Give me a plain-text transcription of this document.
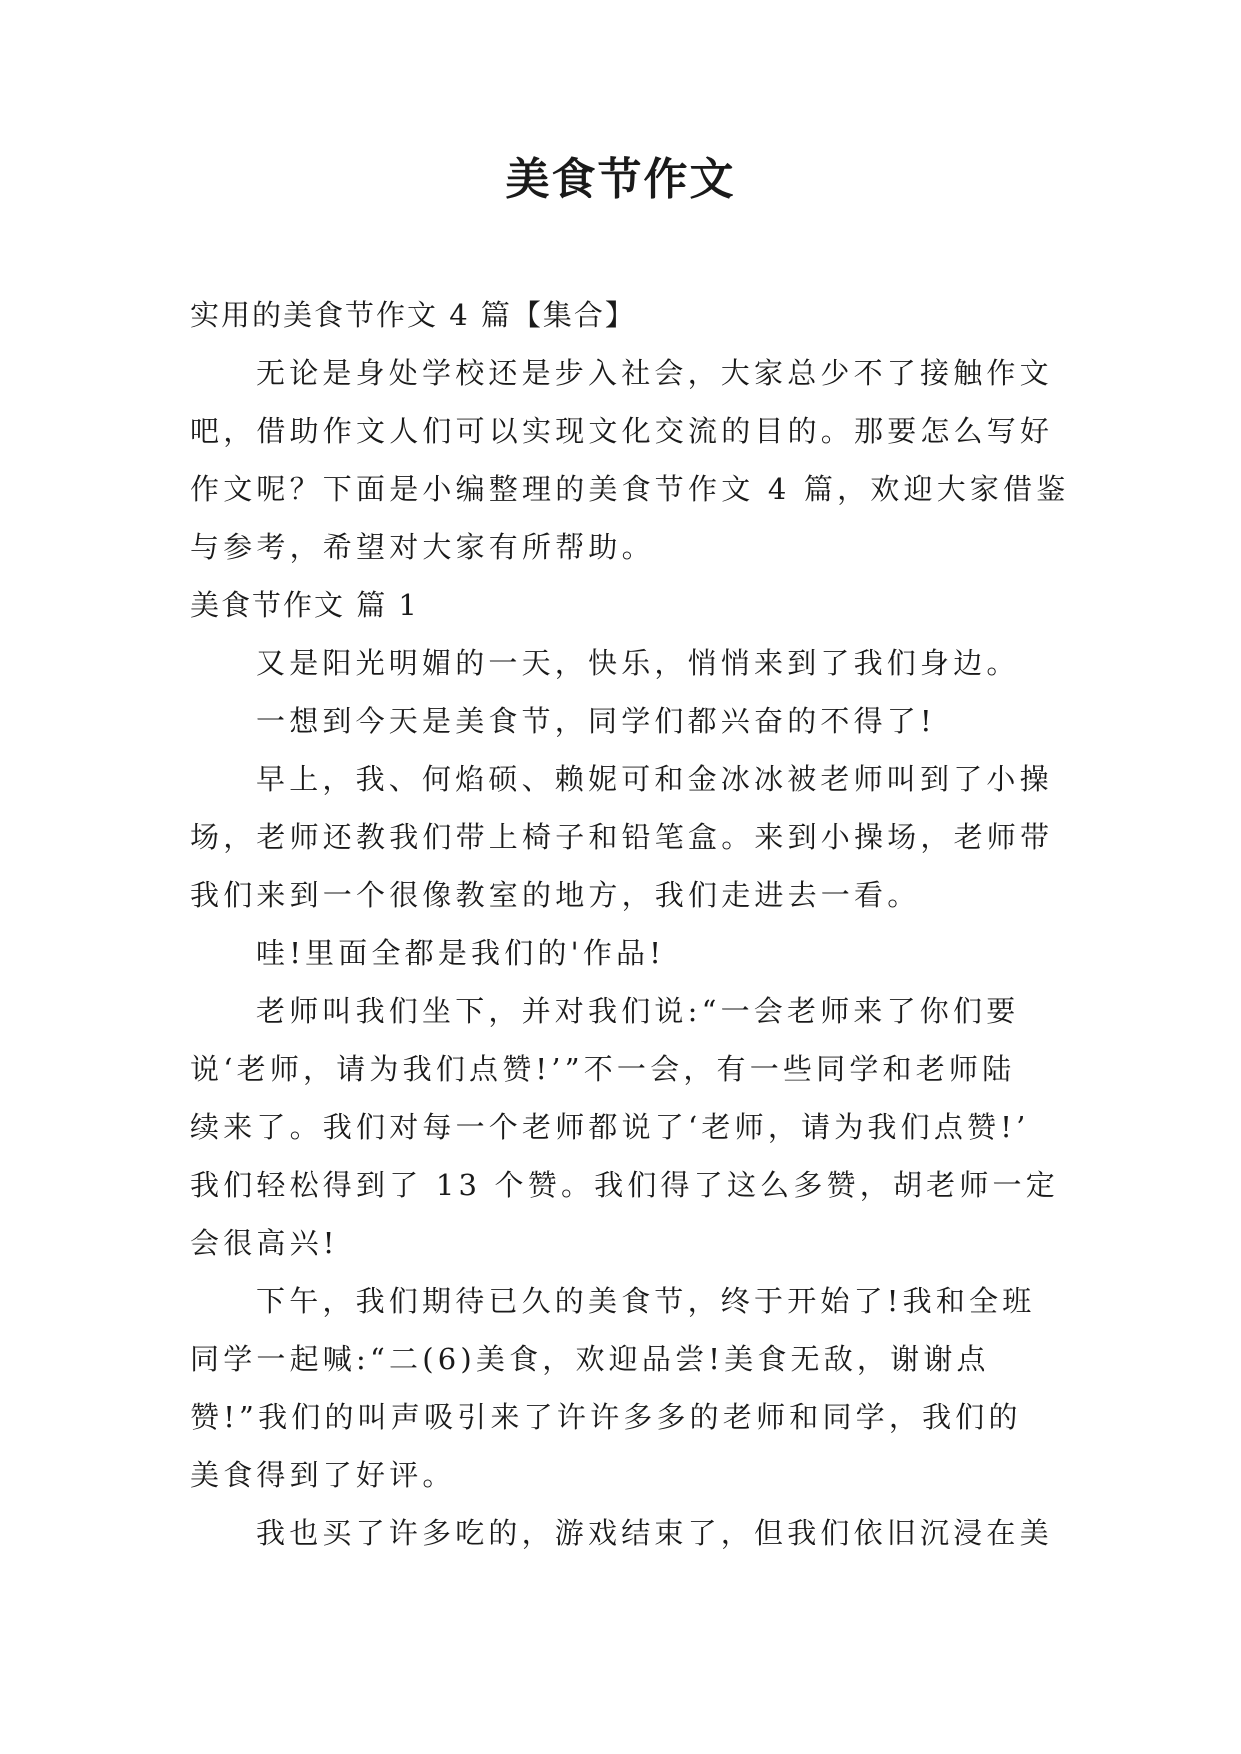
美食节作文
实用的美食节作文 4 篇【集合】
无论是身处学校还是步入社会，大家总少不了接触作文
吧，借助作文人们可以实现文化交流的目的。那要怎么写好
作文呢？下面是小编整理的美食节作文 4 篇，欢迎大家借鉴
与参考，希望对大家有所帮助。
美食节作文 篇 1
又是阳光明媚的一天，快乐，悄悄来到了我们身边。
一想到今天是美食节，同学们都兴奋的不得了!
早上，我、何焰硕、赖妮可和金冰冰被老师叫到了小操
场，老师还教我们带上椅子和铅笔盒。来到小操场，老师带
我们来到一个很像教室的地方，我们走进去一看。
哇!里面全都是我们的'作品!
老师叫我们坐下，并对我们说:“一会老师来了你们要
说‘老师，请为我们点赞!’”不一会，有一些同学和老师陆
续来了。我们对每一个老师都说了‘老师，请为我们点赞!’
我们轻松得到了 13 个赞。我们得了这么多赞，胡老师一定
会很高兴!
下午，我们期待已久的美食节，终于开始了!我和全班
同学一起喊:“二(6)美食，欢迎品尝!美食无敌，谢谢点
赞!”我们的叫声吸引来了许许多多的老师和同学，我们的
美食得到了好评。
我也买了许多吃的，游戏结束了，但我们依旧沉浸在美
